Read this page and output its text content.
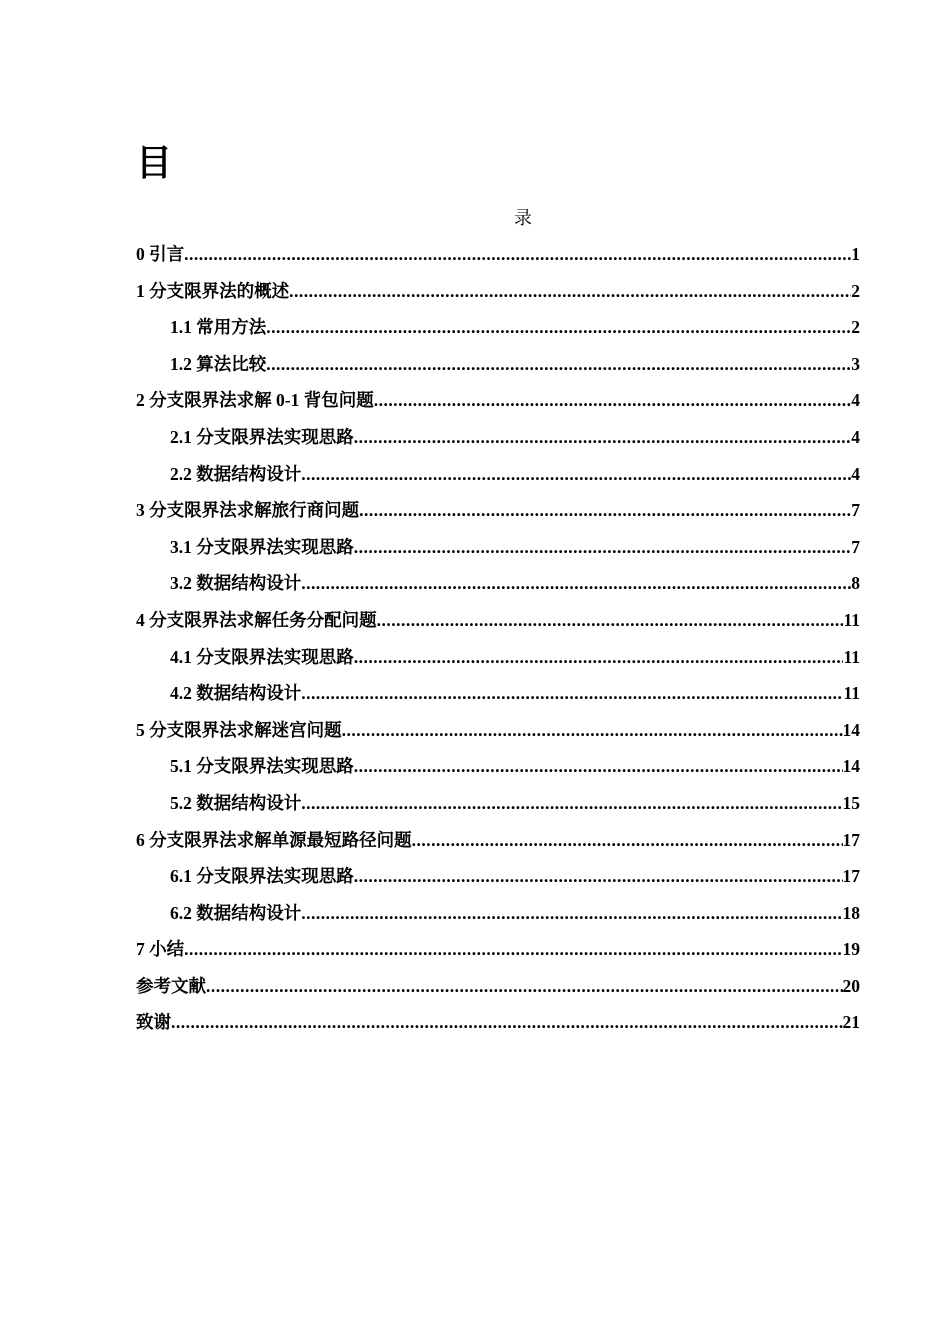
目
录
0 引言 .....	1
1 分支限界法的概述 .....	2
1.1 常用方法 .....	2
1.2 算法比较 .....	3
2 分支限界法求解 0-1 背包问题 .....	4
2.1 分支限界法实现思路 .....	4
2.2 数据结构设计 .....	4
3 分支限界法求解旅行商问题 .....	7
3.1 分支限界法实现思路 .....	7
3.2 数据结构设计 .....	8
4 分支限界法求解任务分配问题 .....	11
4.1 分支限界法实现思路 .....	11
4.2 数据结构设计 .....	11
5 分支限界法求解迷宫问题 .....	14
5.1 分支限界法实现思路 .....	14
5.2 数据结构设计 .....	15
6 分支限界法求解单源最短路径问题 .....	17
6.1 分支限界法实现思路 .....	17
6.2 数据结构设计 .....	18
7 小结 .....	19
参考文献 .....	20
致谢 .....	21
